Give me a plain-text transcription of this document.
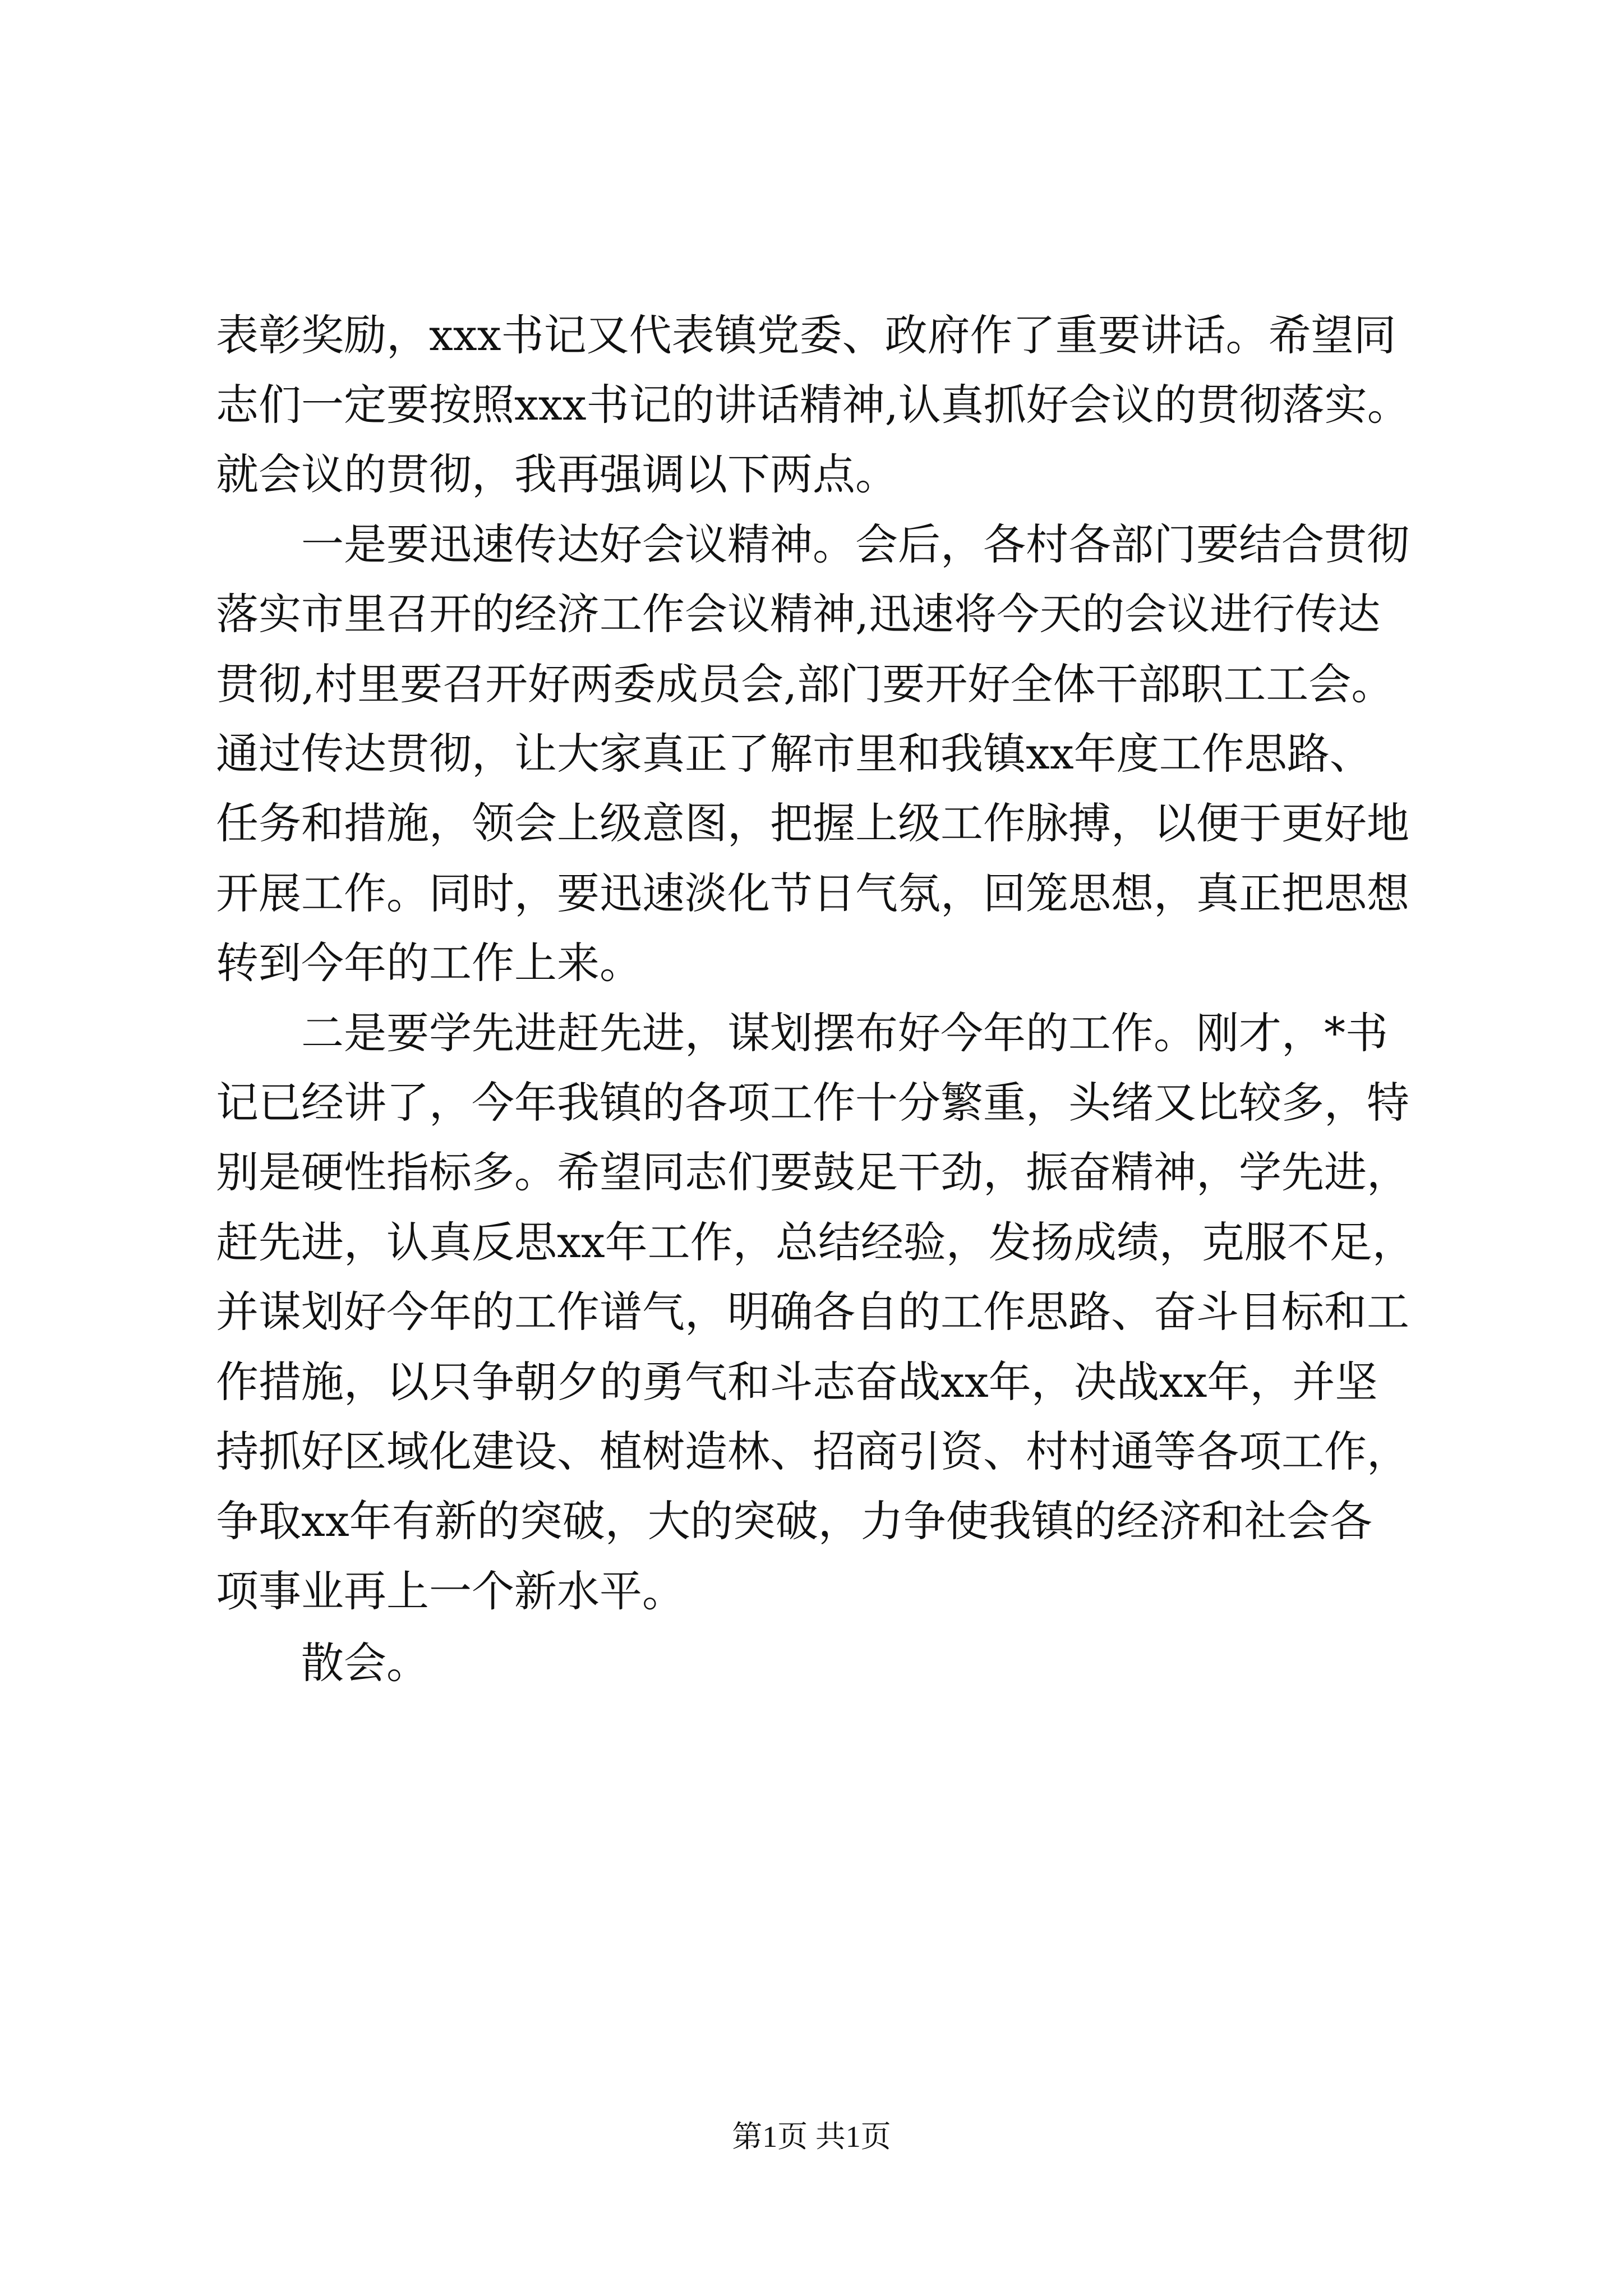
表彰奖励，xxx书记又代表镇党委、政府作了重要讲话。希望同
志们一定要按照xxx书记的讲话精神,认真抓好会议的贯彻落实。
就会议的贯彻，我再强调以下两点。
　　一是要迅速传达好会议精神。会后，各村各部门要结合贯彻
落实市里召开的经济工作会议精神,迅速将今天的会议进行传达
贯彻,村里要召开好两委成员会,部门要开好全体干部职工工会。
通过传达贯彻，让大家真正了解市里和我镇xx年度工作思路、
任务和措施，领会上级意图，把握上级工作脉搏，以便于更好地
开展工作。同时，要迅速淡化节日气氛，回笼思想，真正把思想
转到今年的工作上来。
　　二是要学先进赶先进，谋划摆布好今年的工作。刚才，*书
记已经讲了，今年我镇的各项工作十分繁重，头绪又比较多，特
别是硬性指标多。希望同志们要鼓足干劲，振奋精神，学先进，
赶先进，认真反思xx年工作，总结经验，发扬成绩，克服不足，
并谋划好今年的工作谱气，明确各自的工作思路、奋斗目标和工
作措施，以只争朝夕的勇气和斗志奋战xx年，决战xx年，并坚
持抓好区域化建设、植树造林、招商引资、村村通等各项工作，
争取xx年有新的突破，大的突破，力争使我镇的经济和社会各
项事业再上一个新水平。
　　散会。
第1页 共1页
